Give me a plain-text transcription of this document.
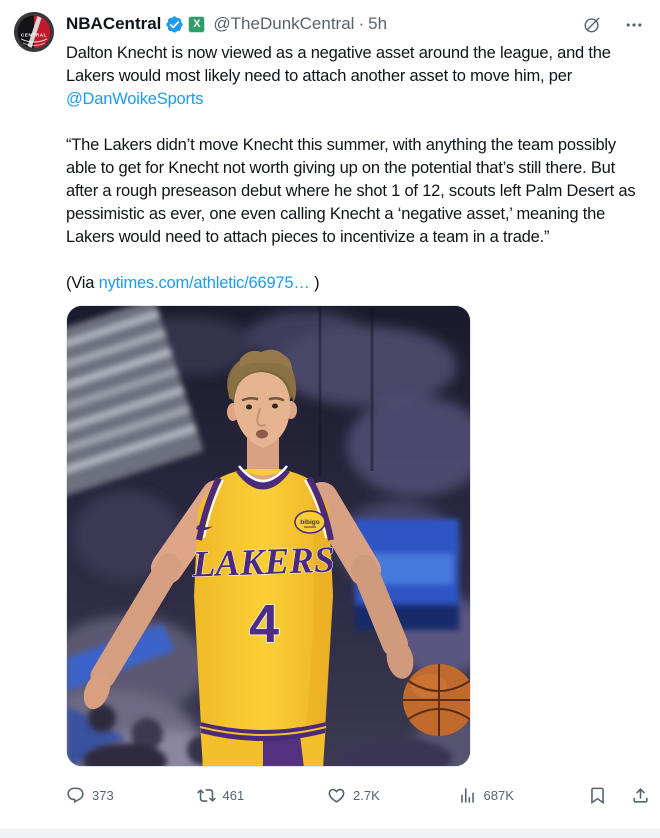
CENTRAL
NBACentral	X @TheDunkCentral · 5h

Dalton Knecht is now viewed as a negative asset around the league, and the Lakers would most likely need to attach another asset to move him, per @DanWoikeSports

“The Lakers didn’t move Knecht this summer, with anything the team possibly able to get for Knecht not worth giving up on the potential that’s still there. But after a rough preseason debut where he shot 1 of 12, scouts left Palm Desert as pessimistic as ever, one even calling Knecht a ‘negative asset,’ meaning the Lakers would need to attach pieces to incentivize a team in a trade.”

(Via nytimes.com/athletic/66975… )

bibigo
LAKERS
4
373	461	2.7K	687K
